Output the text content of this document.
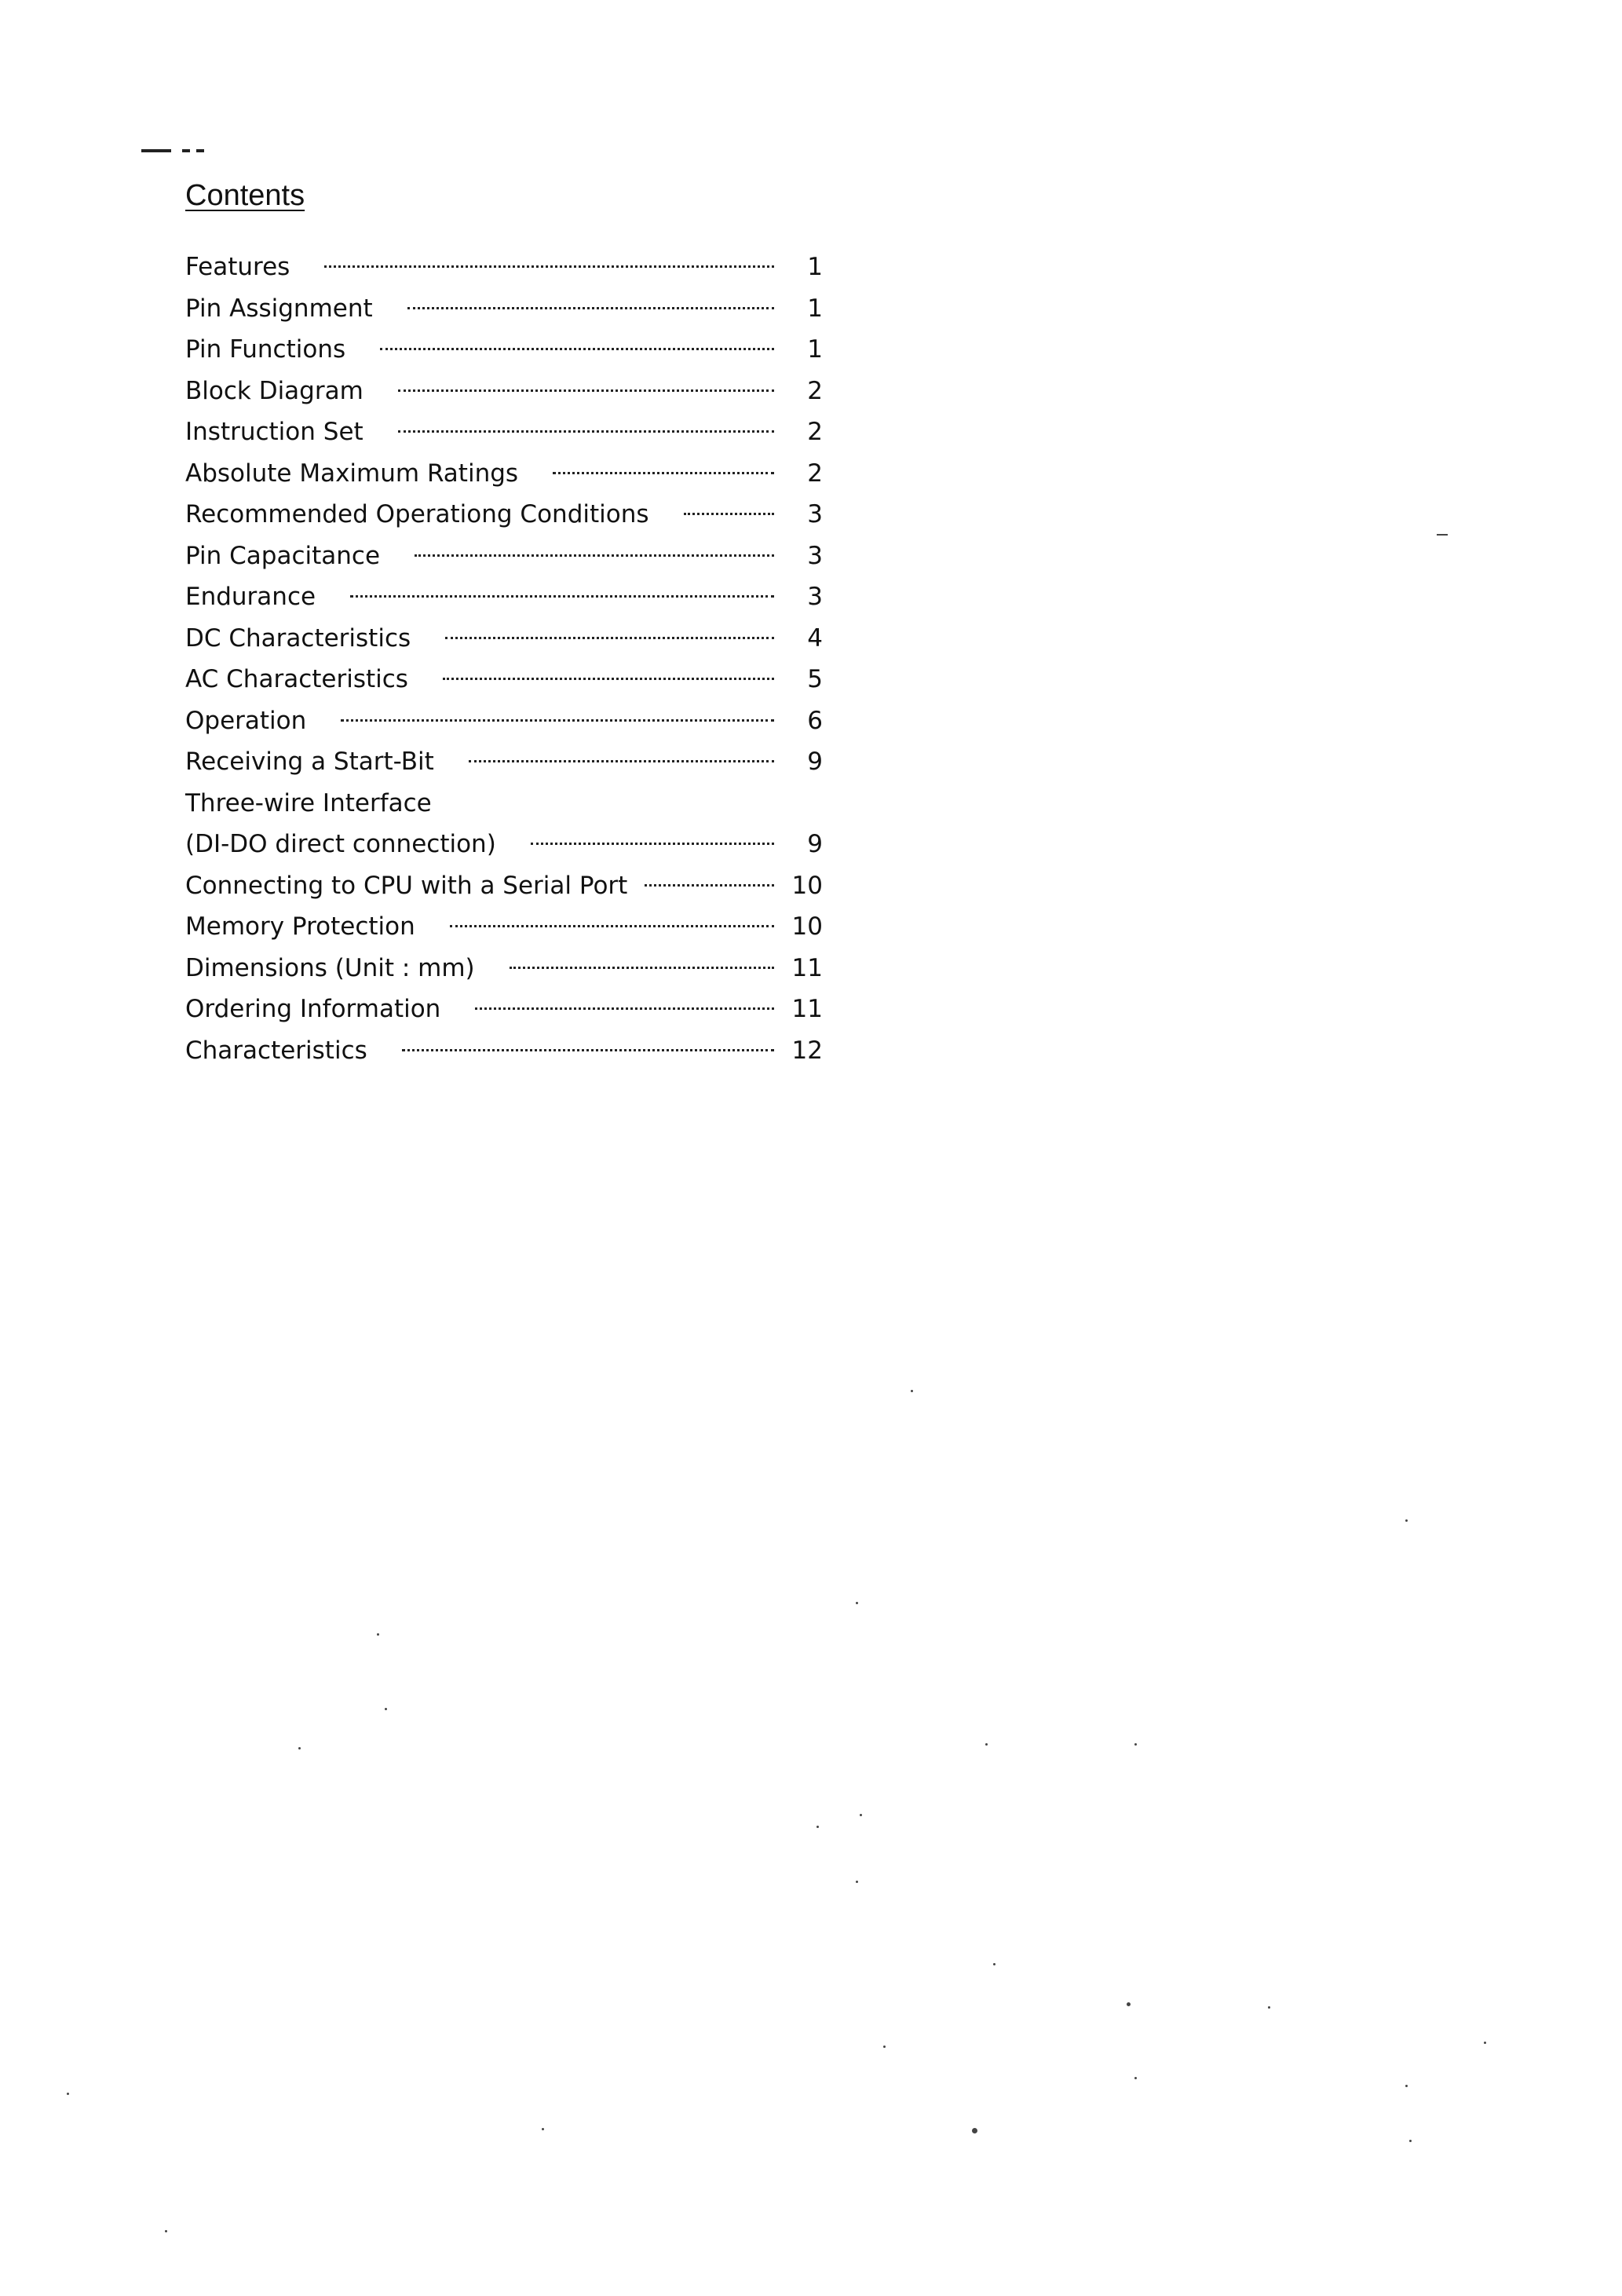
Contents
Features	1
Pin Assignment	1
Pin Functions	1
Block Diagram	2
Instruction Set	2
Absolute Maximum Ratings	2
Recommended Operationg Conditions	3
Pin Capacitance	3
Endurance	3
DC Characteristics	4
AC Characteristics	5
Operation	6
Receiving a Start-Bit	9
Three-wire Interface
(DI-DO direct connection)	9
Connecting to CPU with a Serial Port	10
Memory Protection	10
Dimensions (Unit : mm)	11
Ordering Information	11
Characteristics	12
